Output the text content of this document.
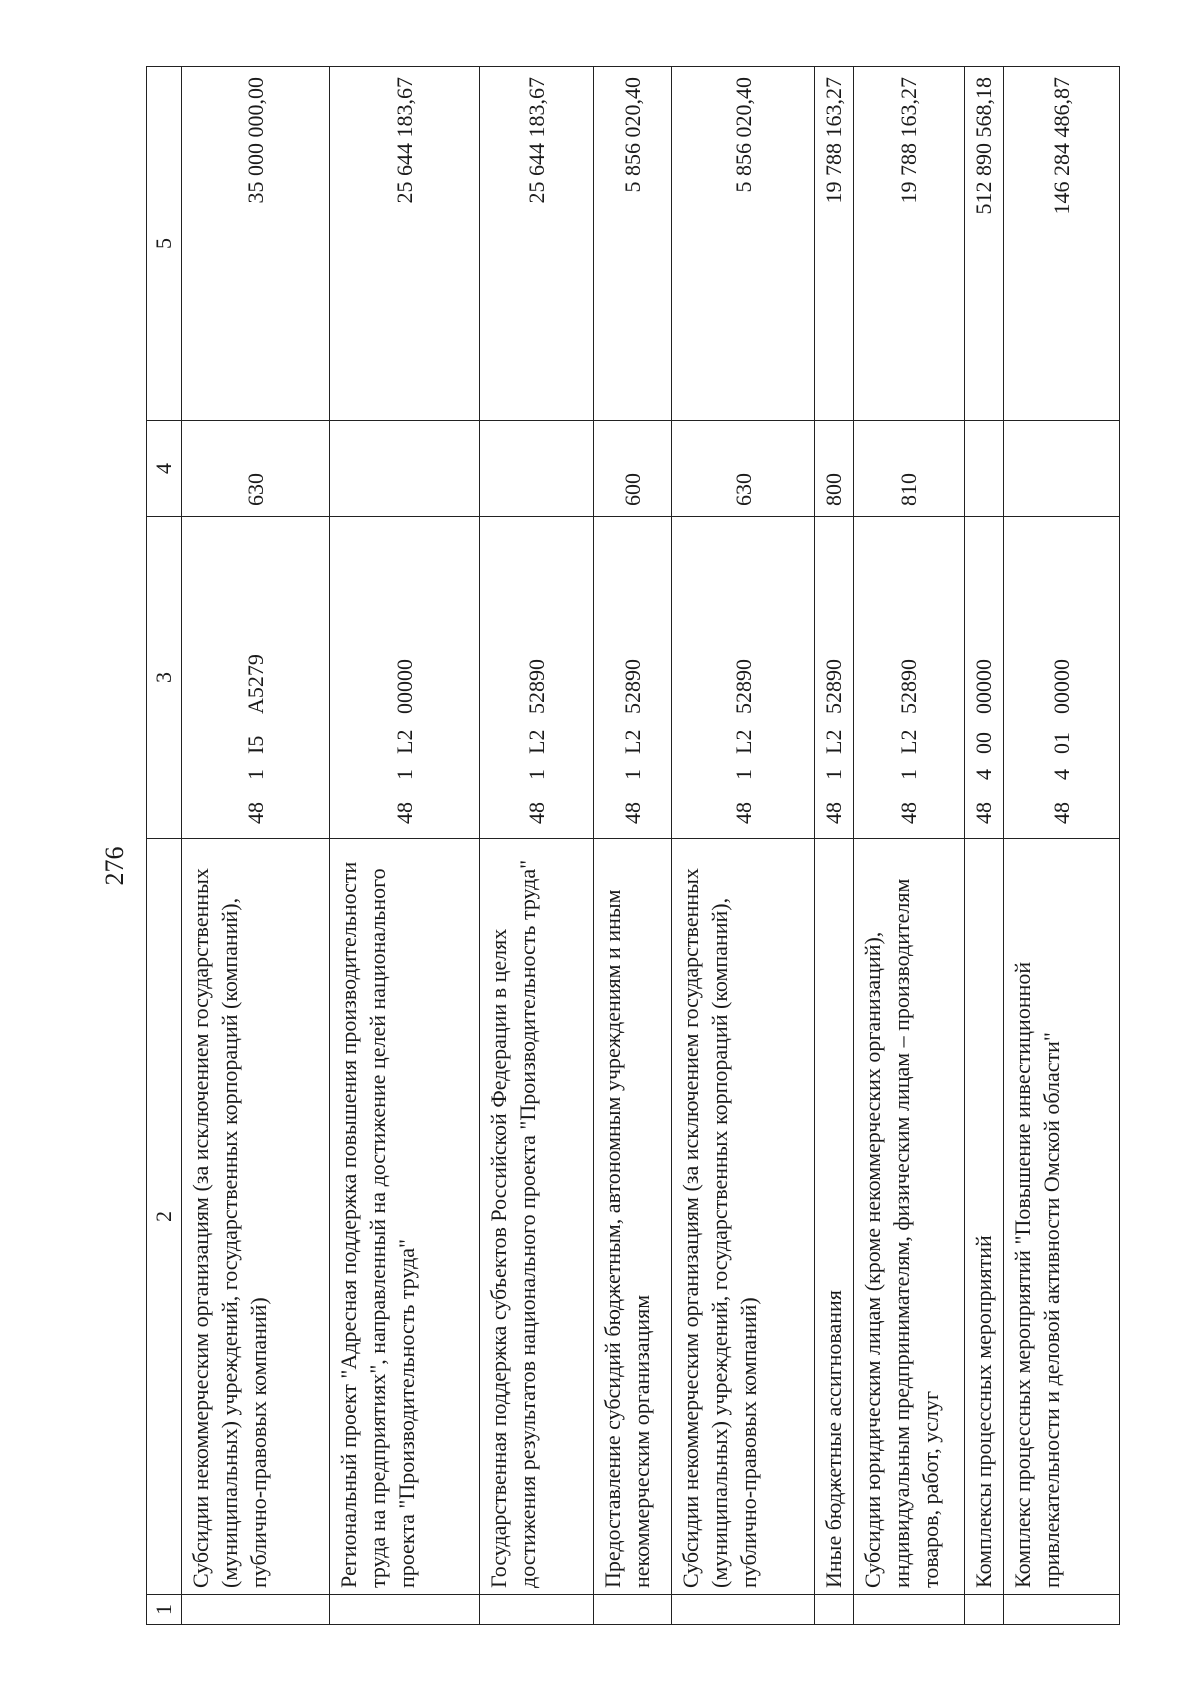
276
1	2	3	4	5
	Субсидии некоммерческим организациям (за исключением государственных (муниципальных) учреждений, государственных корпораций (компаний), публично-правовых компаний)	481I5A5279	630	35 000 000,00
	Региональный проект "Адресная поддержка повышения производительности труда на предприятиях", направленный на достижение целей национального проекта "Производительность труда"	481L200000		25 644 183,67
	Государственная поддержка субъектов Российской Федерации в целях достижения результатов национального проекта "Производительность труда"	481L252890		25 644 183,67
	Предоставление субсидий бюджетным, автономным учреждениям и иным некоммерческим организациям	481L252890	600	5 856 020,40
	Субсидии некоммерческим организациям (за исключением государственных (муниципальных) учреждений, государственных корпораций (компаний), публично-правовых компаний)	481L252890	630	5 856 020,40
	Иные бюджетные ассигнования	481L252890	800	19 788 163,27
	Субсидии юридическим лицам (кроме некоммерческих организаций), индивидуальным предпринимателям, физическим лицам – производителям товаров, работ, услуг	481L252890	810	19 788 163,27
	Комплексы процессных мероприятий	4840000000		512 890 568,18
	Комплекс процессных мероприятий "Повышение инвестиционной привлекательности и деловой активности Омской области"	4840100000		146 284 486,87
